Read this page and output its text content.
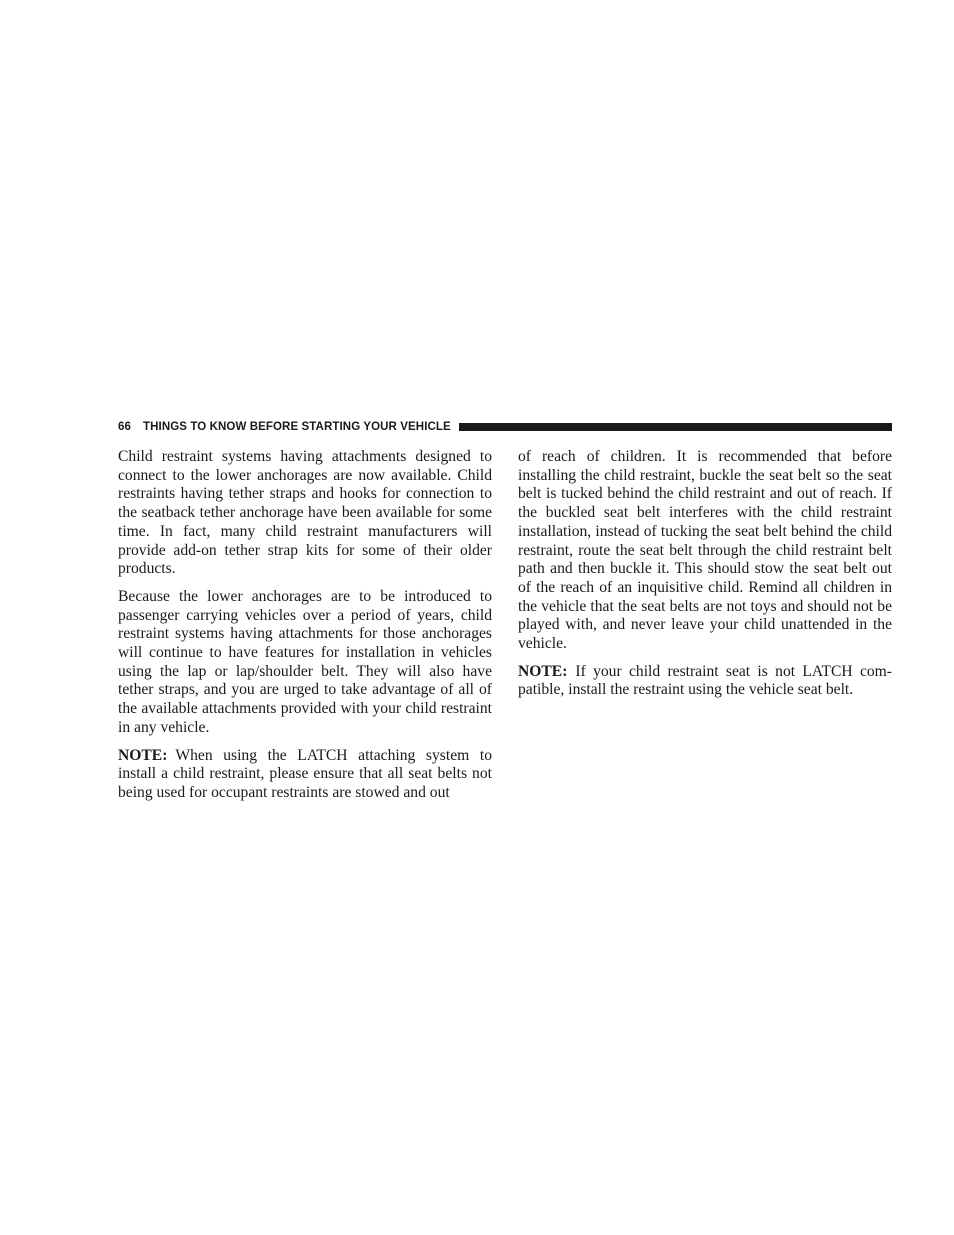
66 THINGS TO KNOW BEFORE STARTING YOUR VEHICLE

Child restraint systems having attachments designed to connect to the lower anchorages are now available. Child restraints having tether straps and hooks for connection to the seatback tether anchorage have been available for some time. In fact, many child restraint manufacturers will provide add-on tether strap kits for some of their older products.

Because the lower anchorages are to be introduced to passenger carrying vehicles over a period of years, child restraint systems having attachments for those anchorages will continue to have features for installation in vehicles using the lap or lap/shoulder belt. They will also have tether straps, and you are urged to take advantage of all of the available attachments provided with your child restraint in any vehicle.

NOTE: When using the LATCH attaching system to install a child restraint, please ensure that all seat belts not being used for occupant restraints are stowed and out

of reach of children. It is recommended that before installing the child restraint, buckle the seat belt so the seat belt is tucked behind the child restraint and out of reach. If the buckled seat belt interferes with the child restraint installation, instead of tucking the seat belt behind the child restraint, route the seat belt through the child restraint belt path and then buckle it. This should stow the seat belt out of the reach of an inquisitive child. Remind all children in the vehicle that the seat belts are not toys and should not be played with, and never leave your child unattended in the vehicle.

NOTE: If your child restraint seat is not LATCH compatible, install the restraint using the vehicle seat belt.
